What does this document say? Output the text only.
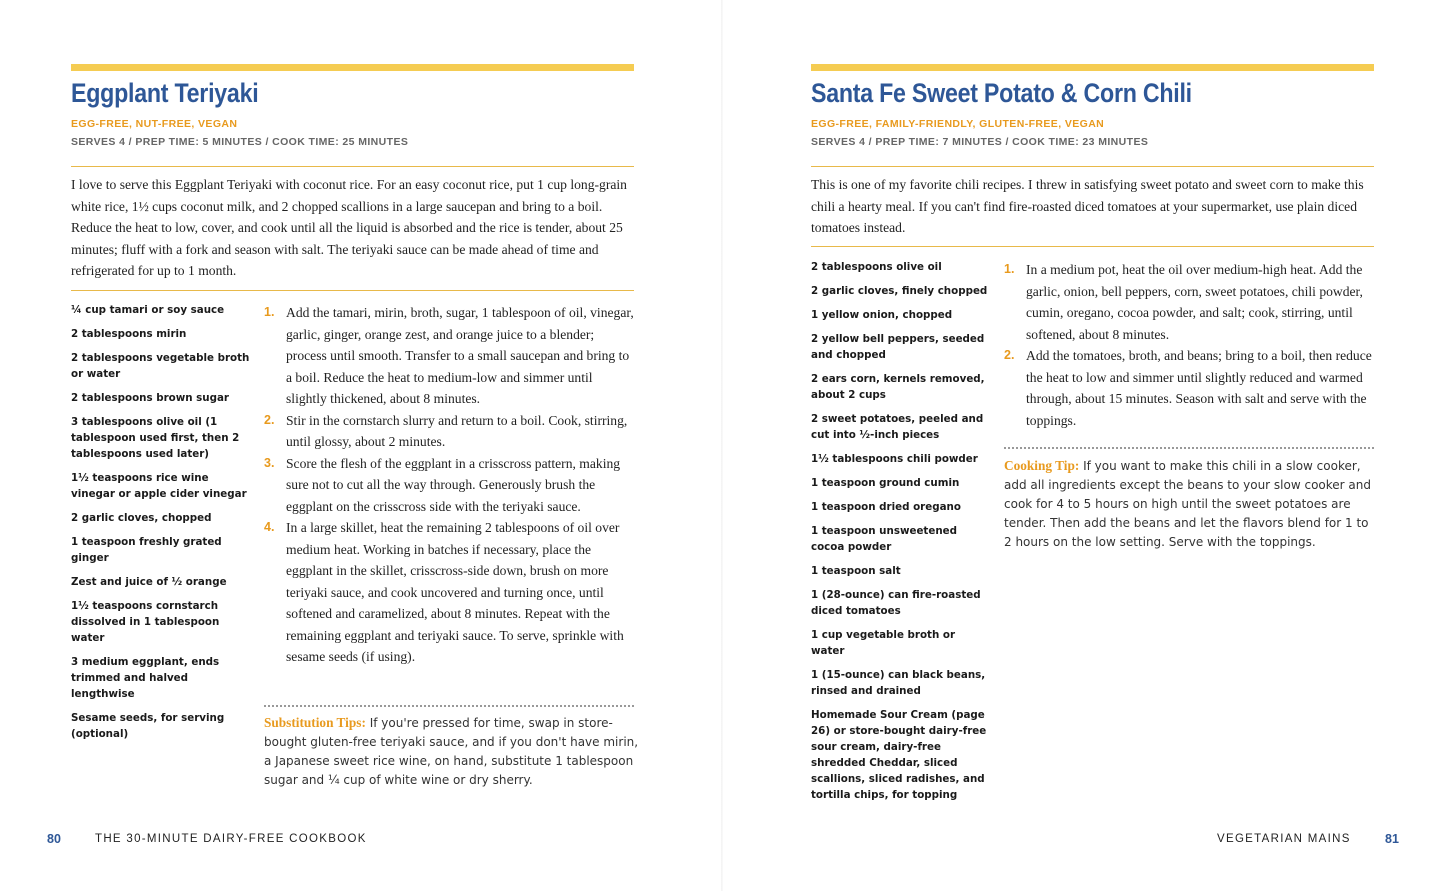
Eggplant Teriyaki
EGG-FREE, NUT-FREE, VEGAN
SERVES 4 / PREP TIME: 5 MINUTES / COOK TIME: 25 MINUTES

I love to serve this Eggplant Teriyaki with coconut rice. For an easy coconut rice, put 1 cup long-grain white rice, 1½ cups coconut milk, and 2 chopped scallions in a large saucepan and bring to a boil. Reduce the heat to low, cover, and cook until all the liquid is absorbed and the rice is tender, about 25 minutes; fluff with a fork and season with salt. The teriyaki sauce can be made ahead of time and refrigerated for up to 1 month.

¼ cup tamari or soy sauce
2 tablespoons mirin
2 tablespoons vegetable broth or water
2 tablespoons brown sugar
3 tablespoons olive oil (1 tablespoon used first, then 2 tablespoons used later)
1½ teaspoons rice wine vinegar or apple cider vinegar
2 garlic cloves, chopped
1 teaspoon freshly grated ginger
Zest and juice of ½ orange
1½ teaspoons cornstarch dissolved in 1 tablespoon water
3 medium eggplant, ends trimmed and halved lengthwise
Sesame seeds, for serving (optional)
1. Add the tamari, mirin, broth, sugar, 1 tablespoon of oil, vinegar, garlic, ginger, orange zest, and orange juice to a blender; process until smooth. Transfer to a small saucepan and bring to a boil. Reduce the heat to medium-low and simmer until slightly thickened, about 8 minutes.
2. Stir in the cornstarch slurry and return to a boil. Cook, stirring, until glossy, about 2 minutes.
3. Score the flesh of the eggplant in a crisscross pattern, making sure not to cut all the way through. Generously brush the eggplant on the crisscross side with the teriyaki sauce.
4. In a large skillet, heat the remaining 2 tablespoons of oil over medium heat. Working in batches if necessary, place the eggplant in the skillet, crisscross-side down, brush on more teriyaki sauce, and cook uncovered and turning once, until softened and caramelized, about 8 minutes. Repeat with the remaining eggplant and teriyaki sauce. To serve, sprinkle with sesame seeds (if using).

Substitution Tips: If you're pressed for time, swap in store-bought gluten-free teriyaki sauce, and if you don't have mirin, a Japanese sweet rice wine, on hand, substitute 1 tablespoon sugar and ¼ cup of white wine or dry sherry.

80	THE 30-MINUTE DAIRY-FREE COOKBOOK
Santa Fe Sweet Potato & Corn Chili
EGG-FREE, FAMILY-FRIENDLY, GLUTEN-FREE, VEGAN
SERVES 4 / PREP TIME: 7 MINUTES / COOK TIME: 23 MINUTES

This is one of my favorite chili recipes. I threw in satisfying sweet potato and sweet corn to make this chili a hearty meal. If you can't find fire-roasted diced tomatoes at your supermarket, use plain diced tomatoes instead.

2 tablespoons olive oil
2 garlic cloves, finely chopped
1 yellow onion, chopped
2 yellow bell peppers, seeded and chopped
2 ears corn, kernels removed, about 2 cups
2 sweet potatoes, peeled and cut into ½-inch pieces
1½ tablespoons chili powder
1 teaspoon ground cumin
1 teaspoon dried oregano
1 teaspoon unsweetened cocoa powder
1 teaspoon salt
1 (28-ounce) can fire-roasted diced tomatoes
1 cup vegetable broth or water
1 (15-ounce) can black beans, rinsed and drained
Homemade Sour Cream (page 26) or store-bought dairy-free sour cream, dairy-free shredded Cheddar, sliced scallions, sliced radishes, and tortilla chips, for topping
1. In a medium pot, heat the oil over medium-high heat. Add the garlic, onion, bell peppers, corn, sweet potatoes, chili powder, cumin, oregano, cocoa powder, and salt; cook, stirring, until softened, about 8 minutes.
2. Add the tomatoes, broth, and beans; bring to a boil, then reduce the heat to low and simmer until slightly reduced and warmed through, about 15 minutes. Season with salt and serve with the toppings.

Cooking Tip: If you want to make this chili in a slow cooker, add all ingredients except the beans to your slow cooker and cook for 4 to 5 hours on high until the sweet potatoes are tender. Then add the beans and let the flavors blend for 1 to 2 hours on the low setting. Serve with the toppings.

VEGETARIAN MAINS	81
